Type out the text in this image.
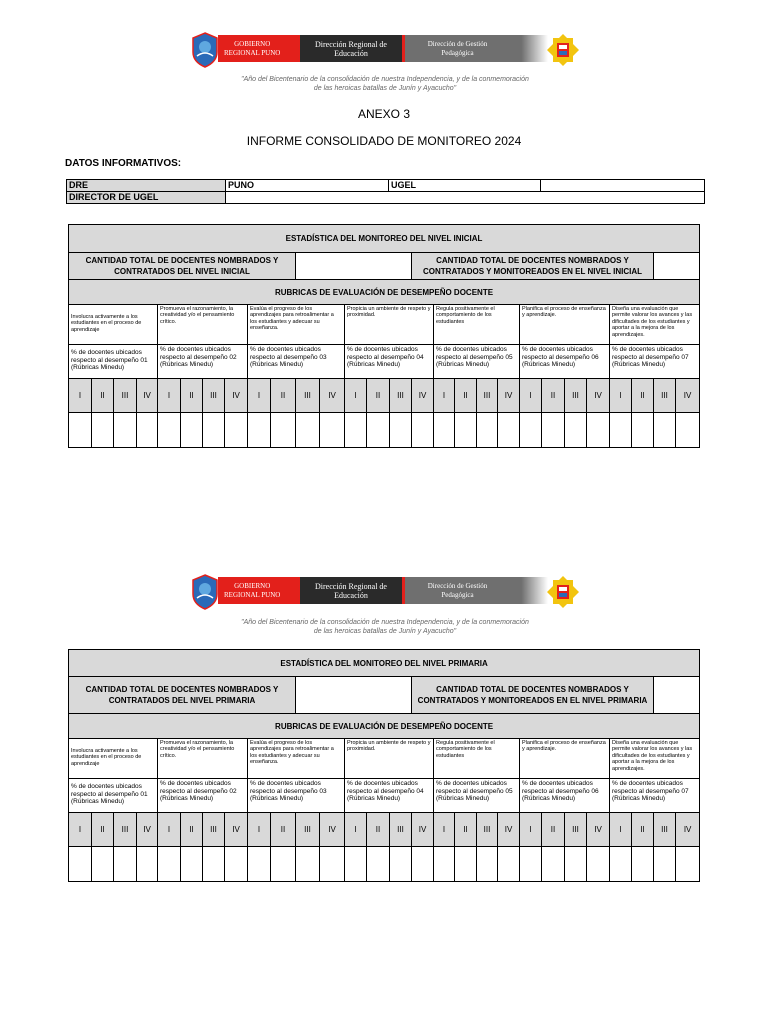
GOBIERNO
REGIONAL PUNO
Dirección Regional de Educación
Dirección de Gestión
Pedagógica
"Año del Bicentenario de la consolidación de nuestra Independencia, y de la conmemoración
de las heroicas batallas de Junín y Ayacucho"
ANEXO 3
INFORME CONSOLIDADO DE MONITOREO 2024
DATOS INFORMATIVOS:
DRE	PUNO	UGEL	
DIRECTOR DE UGEL			
ESTADÍSTICA DEL MONITOREO DEL NIVEL INICIAL																											
CANTIDAD TOTAL DE DOCENTES NOMBRADOS Y CONTRATADOS DEL NIVEL INICIAL															CANTIDAD TOTAL DE DOCENTES NOMBRADOS Y CONTRATADOS Y MONITOREADOS EN EL NIVEL INICIAL												
RUBRICAS DE EVALUACIÓN DE DESEMPEÑO DOCENTE																											

Involucra activamente a los estudiantes en el proceso de aprendizaje				Promueva el razonamiento, la creatividad y/o el pensamiento crítico.				Evalúa el progreso de los aprendizajes para retroalimentar a los estudiantes y adecuar su enseñanza.				Propicia un ambiente de respeto y proximidad.				Regula positivamente el comportamiento de los estudiantes				Planifica el proceso de enseñanza y aprendizaje.				Diseña una evaluación que permite valorar los avances y las dificultades de los estudiantes y aportar a la mejora de los aprendizajes.			

% de docentes ubicados respecto al desempeño 01 (Rúbricas Minedu)				% de docentes ubicados respecto al desempeño 02 (Rúbricas Minedu)				% de docentes ubicados respecto al desempeño 03 (Rúbricas Minedu)				% de docentes ubicados respecto al desempeño 04 (Rúbricas Minedu)				% de docentes ubicados respecto al desempeño 05 (Rúbricas Minedu)				% de docentes ubicados respecto al desempeño 06 (Rúbricas Minedu)				% de docentes ubicados respecto al desempeño 07 (Rúbricas Minedu)			
I	II	III	IV	I	II	III	IV	I	II	III	IV	I	II	III	IV	I	II	III	IV	I	II	III	IV	I	II	III	IV

GOBIERNO
REGIONAL PUNO
Dirección Regional de Educación
Dirección de Gestión
Pedagógica
"Año del Bicentenario de la consolidación de nuestra Independencia, y de la conmemoración
de las heroicas batallas de Junín y Ayacucho"
ESTADÍSTICA DEL MONITOREO DEL NIVEL PRIMARIA																											
CANTIDAD TOTAL DE DOCENTES NOMBRADOS Y CONTRATADOS DEL NIVEL PRIMARIA															CANTIDAD TOTAL DE DOCENTES NOMBRADOS Y CONTRATADOS Y MONITOREADOS EN EL NIVEL PRIMARIA												
RUBRICAS DE EVALUACIÓN DE DESEMPEÑO DOCENTE																											

Involucra activamente a los estudiantes en el proceso de aprendizaje				Promueva el razonamiento, la creatividad y/o el pensamiento crítico.				Evalúa el progreso de los aprendizajes para retroalimentar a los estudiantes y adecuar su enseñanza.				Propicia un ambiente de respeto y proximidad.				Regula positivamente el comportamiento de los estudiantes				Planifica el proceso de enseñanza y aprendizaje.				Diseña una evaluación que permite valorar los avances y las dificultades de los estudiantes y aportar a la mejora de los aprendizajes.			

% de docentes ubicados respecto al desempeño 01 (Rúbricas Minedu)				% de docentes ubicados respecto al desempeño 02 (Rúbricas Minedu)				% de docentes ubicados respecto al desempeño 03 (Rúbricas Minedu)				% de docentes ubicados respecto al desempeño 04 (Rúbricas Minedu)				% de docentes ubicados respecto al desempeño 05 (Rúbricas Minedu)				% de docentes ubicados respecto al desempeño 06 (Rúbricas Minedu)				% de docentes ubicados respecto al desempeño 07 (Rúbricas Minedu)			
I	II	III	IV	I	II	III	IV	I	II	III	IV	I	II	III	IV	I	II	III	IV	I	II	III	IV	I	II	III	IV
